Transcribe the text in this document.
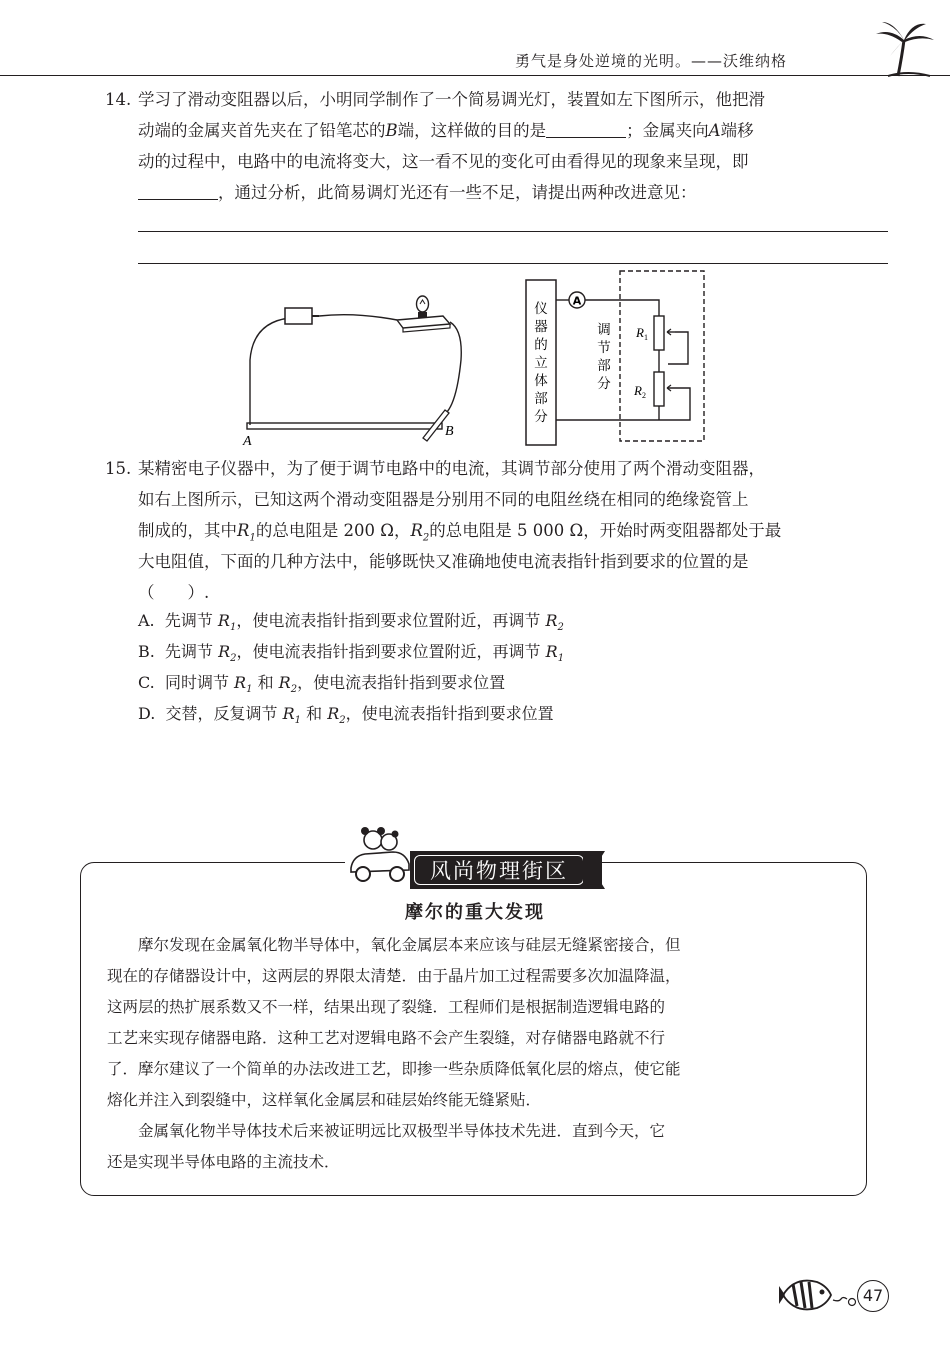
勇气是身处逆境的光明。——沃维纳格
14. 学习了滑动变阻器以后，小明同学制作了一个简易调光灯，装置如左下图所示，他把滑
动端的金属夹首先夹在了铅笔芯的B端，这样做的目的是	；金属夹向A端移
动的过程中，电路中的电流将变大，这一看不见的变化可由看得见的现象来呈现，即
，通过分析，此简易调灯光还有一些不足，请提出两种改进意见：
A
B
仪
器
的
立
体
部
分
A
调
节
部
分
$R_1$
$R_2$
15. 某精密电子仪器中，为了便于调节电路中的电流，其调节部分使用了两个滑动变阻器，
如右上图所示，已知这两个滑动变阻器是分别用不同的电阻丝绕在相同的绝缘瓷管上
制成的，其中$R_1$的总电阻是 200 Ω，$R_2$的总电阻是 5 000 Ω，开始时两变阻器都处于最
大电阻值，下面的几种方法中，能够既快又准确地使电流表指针指到要求的位置的是
（　　）.
A. 先调节 $R_1$，使电流表指针指到要求位置附近，再调节 $R_2$
B. 先调节 $R_2$，使电流表指针指到要求位置附近，再调节 $R_1$
C. 同时调节 $R_1$ 和 $R_2$，使电流表指针指到要求位置
D. 交替，反复调节 $R_1$ 和 $R_2$，使电流表指针指到要求位置
风尚物理街区
摩尔的重大发现
　　摩尔发现在金属氧化物半导体中，氧化金属层本来应该与硅层无缝紧密接合，但
现在的存储器设计中，这两层的界限太清楚．由于晶片加工过程需要多次加温降温，
这两层的热扩展系数又不一样，结果出现了裂缝．工程师们是根据制造逻辑电路的
工艺来实现存储器电路．这种工艺对逻辑电路不会产生裂缝，对存储器电路就不行
了．摩尔建议了一个简单的办法改进工艺，即掺一些杂质降低氧化层的熔点，使它能
熔化并注入到裂缝中，这样氧化金属层和硅层始终能无缝紧贴．
　　金属氧化物半导体技术后来被证明远比双极型半导体技术先进．直到今天，它
还是实现半导体电路的主流技术．
47
